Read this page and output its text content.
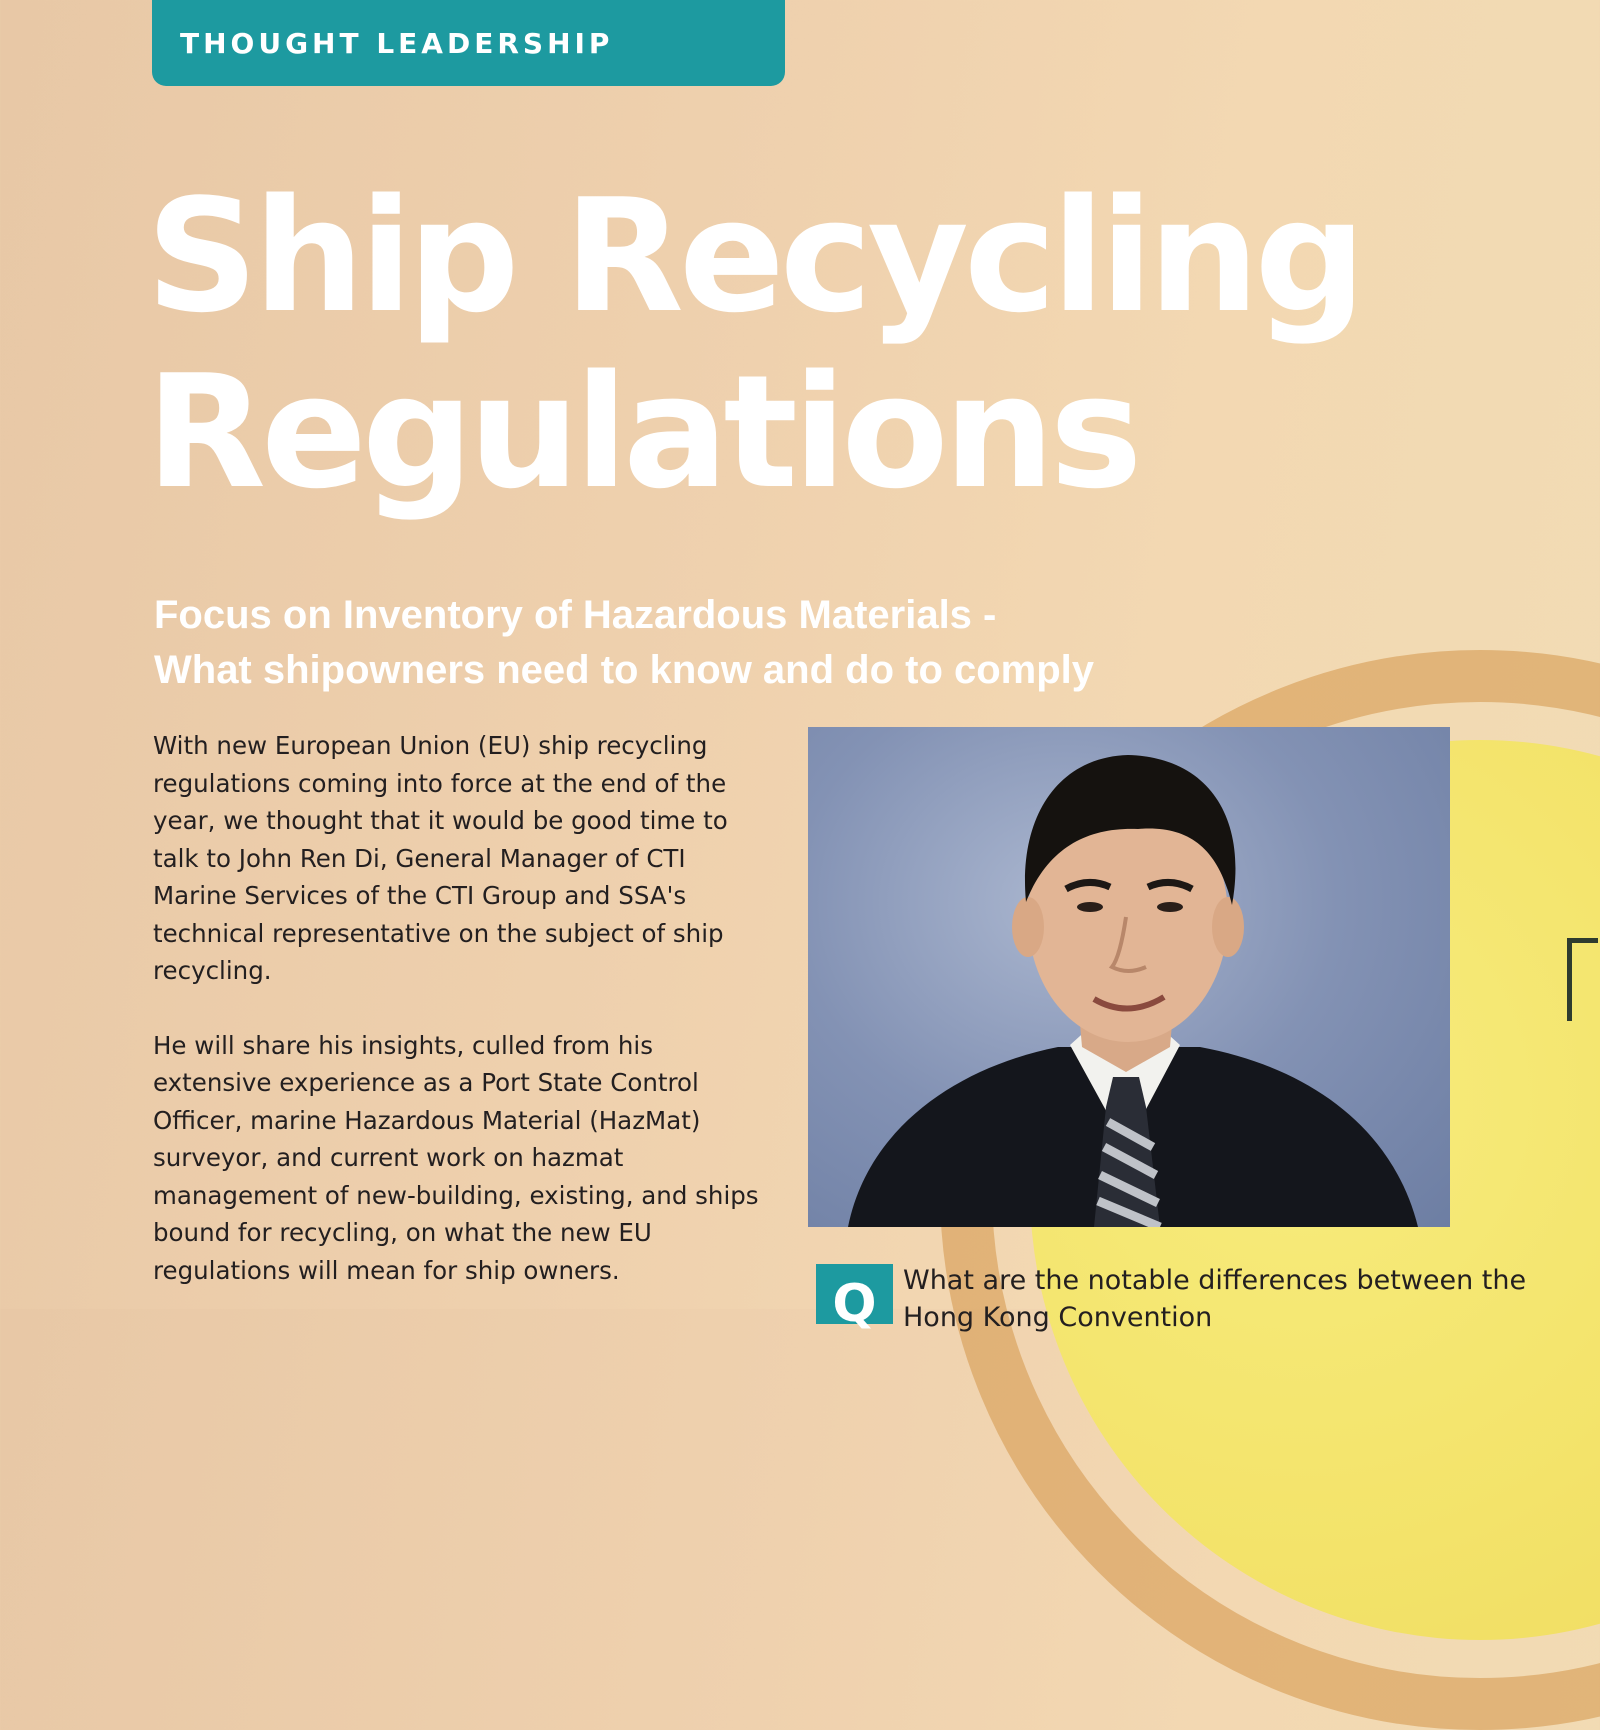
THOUGHT LEADERSHIP
Ship Recycling
Regulations
Focus on Inventory of Hazardous Materials -
What shipowners need to know and do to comply

With new European Union (EU) ship recycling regulations coming into force at the end of the year, we thought that it would be good time to talk to John Ren Di, General Manager of CTI Marine Services of the CTI Group and SSA's technical representative on the subject of ship recycling.

He will share his insights, culled from his extensive experience as a Port State Control Officer, marine Hazardous Material (HazMat) surveyor, and current work on hazmat management of new-building, existing, and ships bound for recycling, on what the new EU regulations will mean for ship owners.

Q What are the notable differences between the Hong Kong Convention
